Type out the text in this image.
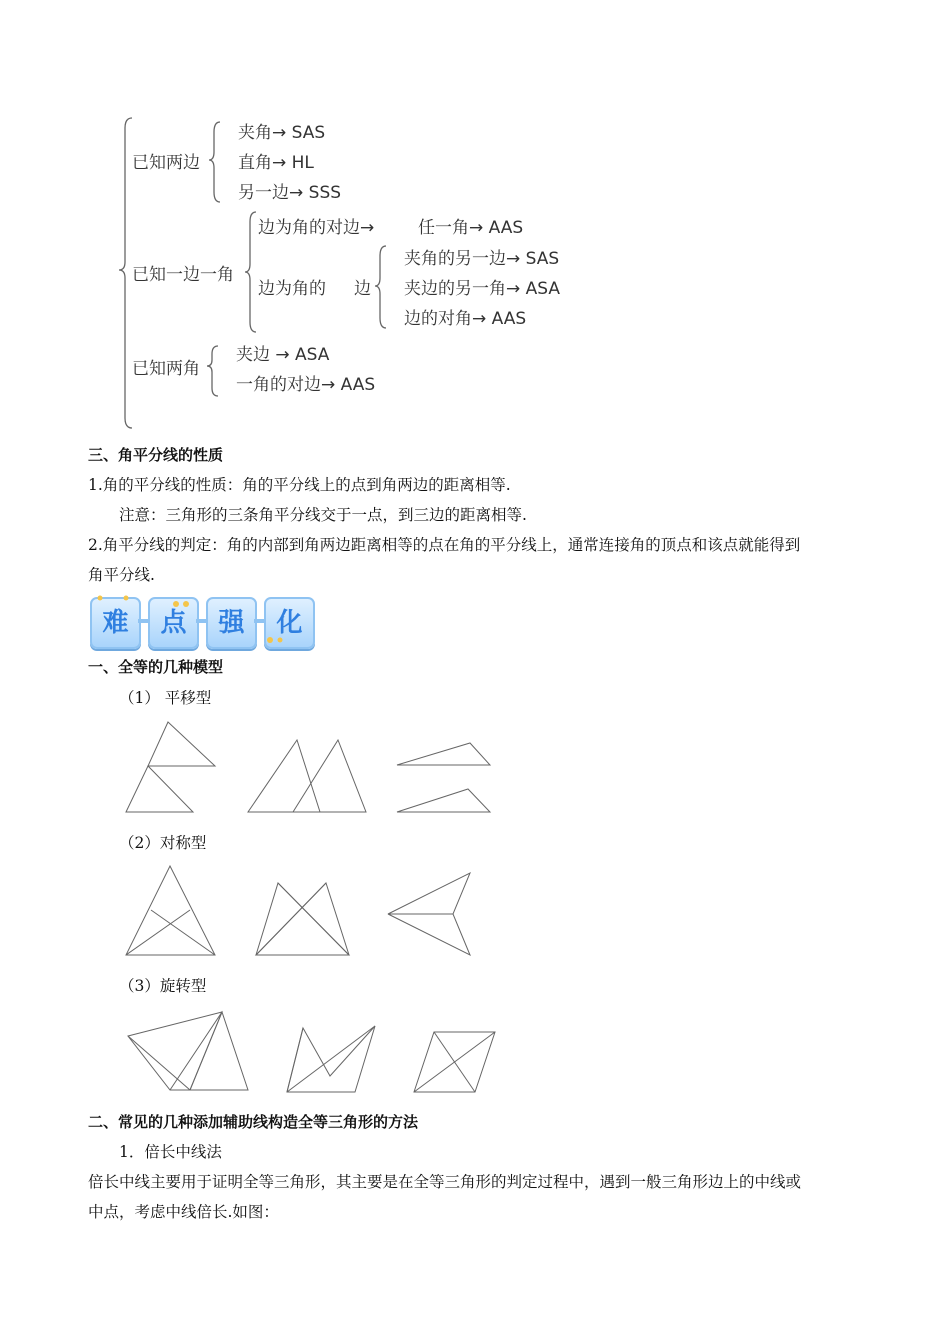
已知两边
夹角→ SAS
直角→ HL
另一边→ SSS
已知一边一角
边为角的对边→	任一角→ AAS
边为角的 边
夹角的另一边→ SAS
夹边的另一角→ ASA
边的对角→ AAS
已知两角
夹边 → ASA
一角的对边→ AAS
三、角平分线的性质
1.角的平分线的性质：角的平分线上的点到角两边的距离相等.
注意：三角形的三条角平分线交于一点，到三边的距离相等.
2.角平分线的判定：角的内部到角两边距离相等的点在角的平分线上，通常连接角的顶点和该点就能得到
角平分线.
难	点	强	化
一、全等的几种模型
（1） 平移型
（2）对称型
（3）旋转型
二、常见的几种添加辅助线构造全等三角形的方法
1．倍长中线法
倍长中线主要用于证明全等三角形，其主要是在全等三角形的判定过程中，遇到一般三角形边上的中线或
中点，考虑中线倍长.如图：
